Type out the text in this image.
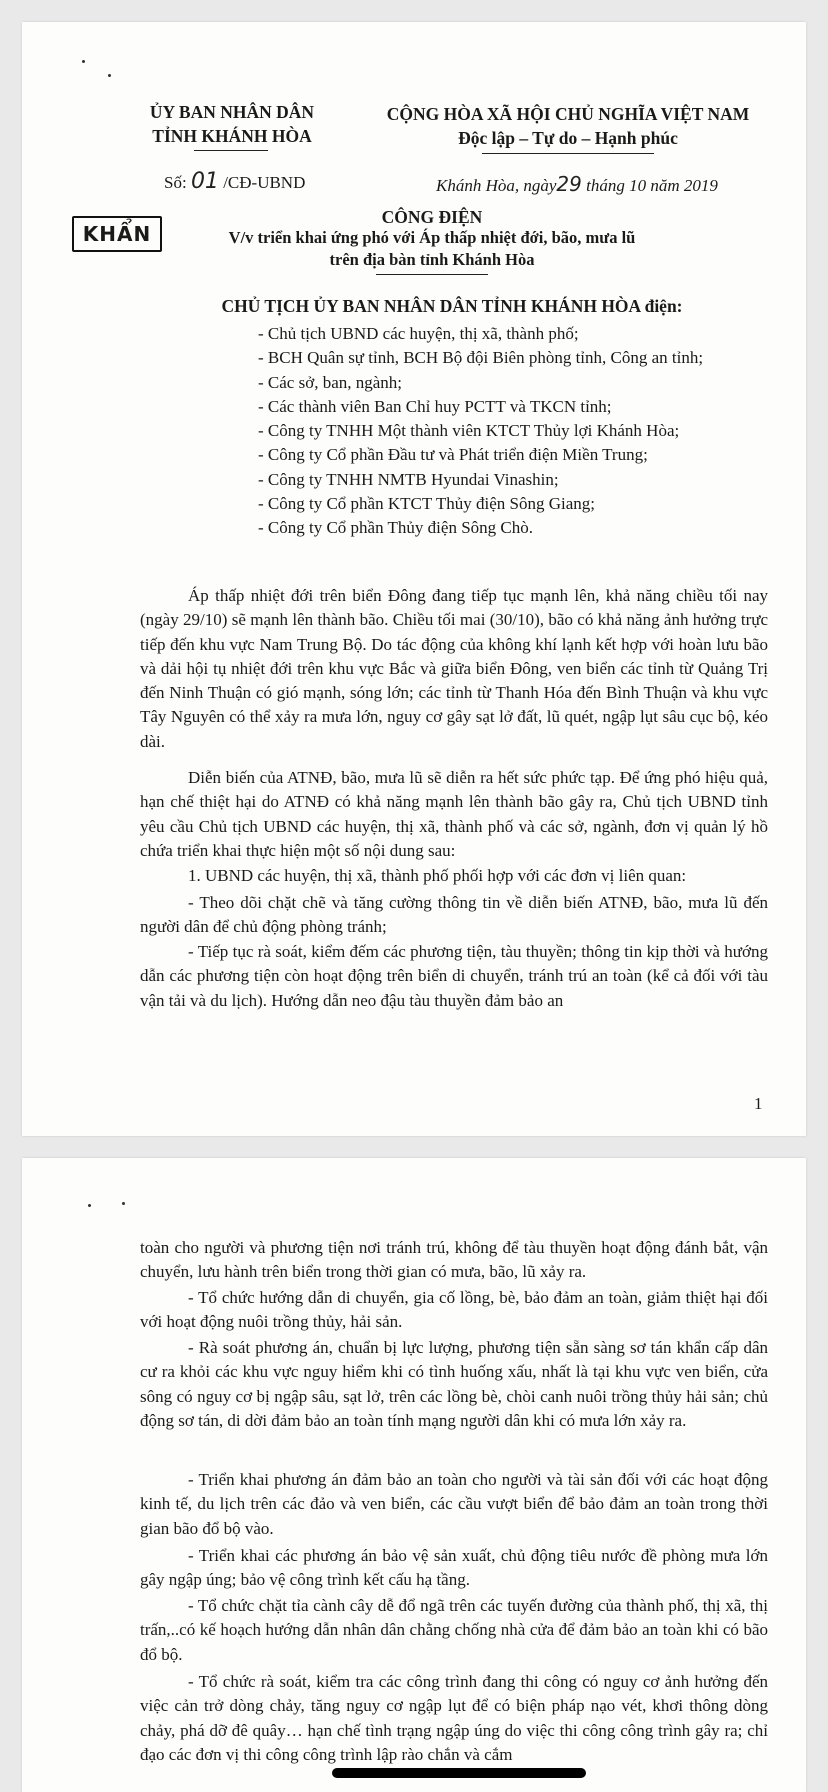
ỦY BAN NHÂN DÂN
TỈNH KHÁNH HÒA
CỘNG HÒA XÃ HỘI CHỦ NGHĨA VIỆT NAM
Độc lập – Tự do – Hạnh phúc
Số: 01 /CĐ-UBND	Khánh Hòa, ngày29 tháng 10 năm 2019
KHẨN
CÔNG ĐIỆN
V/v triển khai ứng phó với Áp thấp nhiệt đới, bão, mưa lũ
trên địa bàn tỉnh Khánh Hòa
CHỦ TỊCH ỦY BAN NHÂN DÂN TỈNH KHÁNH HÒA điện:
- Chủ tịch UBND các huyện, thị xã, thành phố;
- BCH Quân sự tỉnh, BCH Bộ đội Biên phòng tỉnh, Công an tỉnh;
- Các sở, ban, ngành;
- Các thành viên Ban Chỉ huy PCTT và TKCN tỉnh;
- Công ty TNHH Một thành viên KTCT Thủy lợi Khánh Hòa;
- Công ty Cổ phần Đầu tư và Phát triển điện Miền Trung;
- Công ty TNHH NMTB Hyundai Vinashin;
- Công ty Cổ phần KTCT Thủy điện Sông Giang;
- Công ty Cổ phần Thủy điện Sông Chò.
Áp thấp nhiệt đới trên biển Đông đang tiếp tục mạnh lên, khả năng chiều tối nay (ngày 29/10) sẽ mạnh lên thành bão. Chiều tối mai (30/10), bão có khả năng ảnh hưởng trực tiếp đến khu vực Nam Trung Bộ. Do tác động của không khí lạnh kết hợp với hoàn lưu bão và dải hội tụ nhiệt đới trên khu vực Bắc và giữa biển Đông, ven biển các tỉnh từ Quảng Trị đến Ninh Thuận có gió mạnh, sóng lớn; các tỉnh từ Thanh Hóa đến Bình Thuận và khu vực Tây Nguyên có thể xảy ra mưa lớn, nguy cơ gây sạt lở đất, lũ quét, ngập lụt sâu cục bộ, kéo dài.
Diễn biến của ATNĐ, bão, mưa lũ sẽ diễn ra hết sức phức tạp. Để ứng phó hiệu quả, hạn chế thiệt hại do ATNĐ có khả năng mạnh lên thành bão gây ra, Chủ tịch UBND tỉnh yêu cầu Chủ tịch UBND các huyện, thị xã, thành phố và các sở, ngành, đơn vị quản lý hồ chứa triển khai thực hiện một số nội dung sau:
1. UBND các huyện, thị xã, thành phố phối hợp với các đơn vị liên quan:
- Theo dõi chặt chẽ và tăng cường thông tin về diễn biến ATNĐ, bão, mưa lũ đến người dân để chủ động phòng tránh;
- Tiếp tục rà soát, kiểm đếm các phương tiện, tàu thuyền; thông tin kịp thời và hướng dẫn các phương tiện còn hoạt động trên biển di chuyển, tránh trú an toàn (kể cả đối với tàu vận tải và du lịch). Hướng dẫn neo đậu tàu thuyền đảm bảo an
1
toàn cho người và phương tiện nơi tránh trú, không để tàu thuyền hoạt động đánh bắt, vận chuyển, lưu hành trên biển trong thời gian có mưa, bão, lũ xảy ra.
- Tổ chức hướng dẫn di chuyển, gia cố lồng, bè, bảo đảm an toàn, giảm thiệt hại đối với hoạt động nuôi trồng thủy, hải sản.
- Rà soát phương án, chuẩn bị lực lượng, phương tiện sẵn sàng sơ tán khẩn cấp dân cư ra khỏi các khu vực nguy hiểm khi có tình huống xấu, nhất là tại khu vực ven biển, cửa sông có nguy cơ bị ngập sâu, sạt lở, trên các lồng bè, chòi canh nuôi trồng thủy hải sản; chủ động sơ tán, di dời đảm bảo an toàn tính mạng người dân khi có mưa lớn xảy ra.
- Triển khai phương án đảm bảo an toàn cho người và tài sản đối với các hoạt động kinh tế, du lịch trên các đảo và ven biển, các cầu vượt biển để bảo đảm an toàn trong thời gian bão đổ bộ vào.
- Triển khai các phương án bảo vệ sản xuất, chủ động tiêu nước đề phòng mưa lớn gây ngập úng; bảo vệ công trình kết cấu hạ tầng.
- Tổ chức chặt tỉa cành cây dễ đổ ngã trên các tuyến đường của thành phố, thị xã, thị trấn,..có kế hoạch hướng dẫn nhân dân chằng chống nhà cửa để đảm bảo an toàn khi có bão đổ bộ.
- Tổ chức rà soát, kiểm tra các công trình đang thi công có nguy cơ ảnh hưởng đến việc cản trở dòng chảy, tăng nguy cơ ngập lụt để có biện pháp nạo vét, khơi thông dòng chảy, phá dỡ đê quây… hạn chế tình trạng ngập úng do việc thi công công trình gây ra; chỉ đạo các đơn vị thi công công trình lập rào chắn và cắm
